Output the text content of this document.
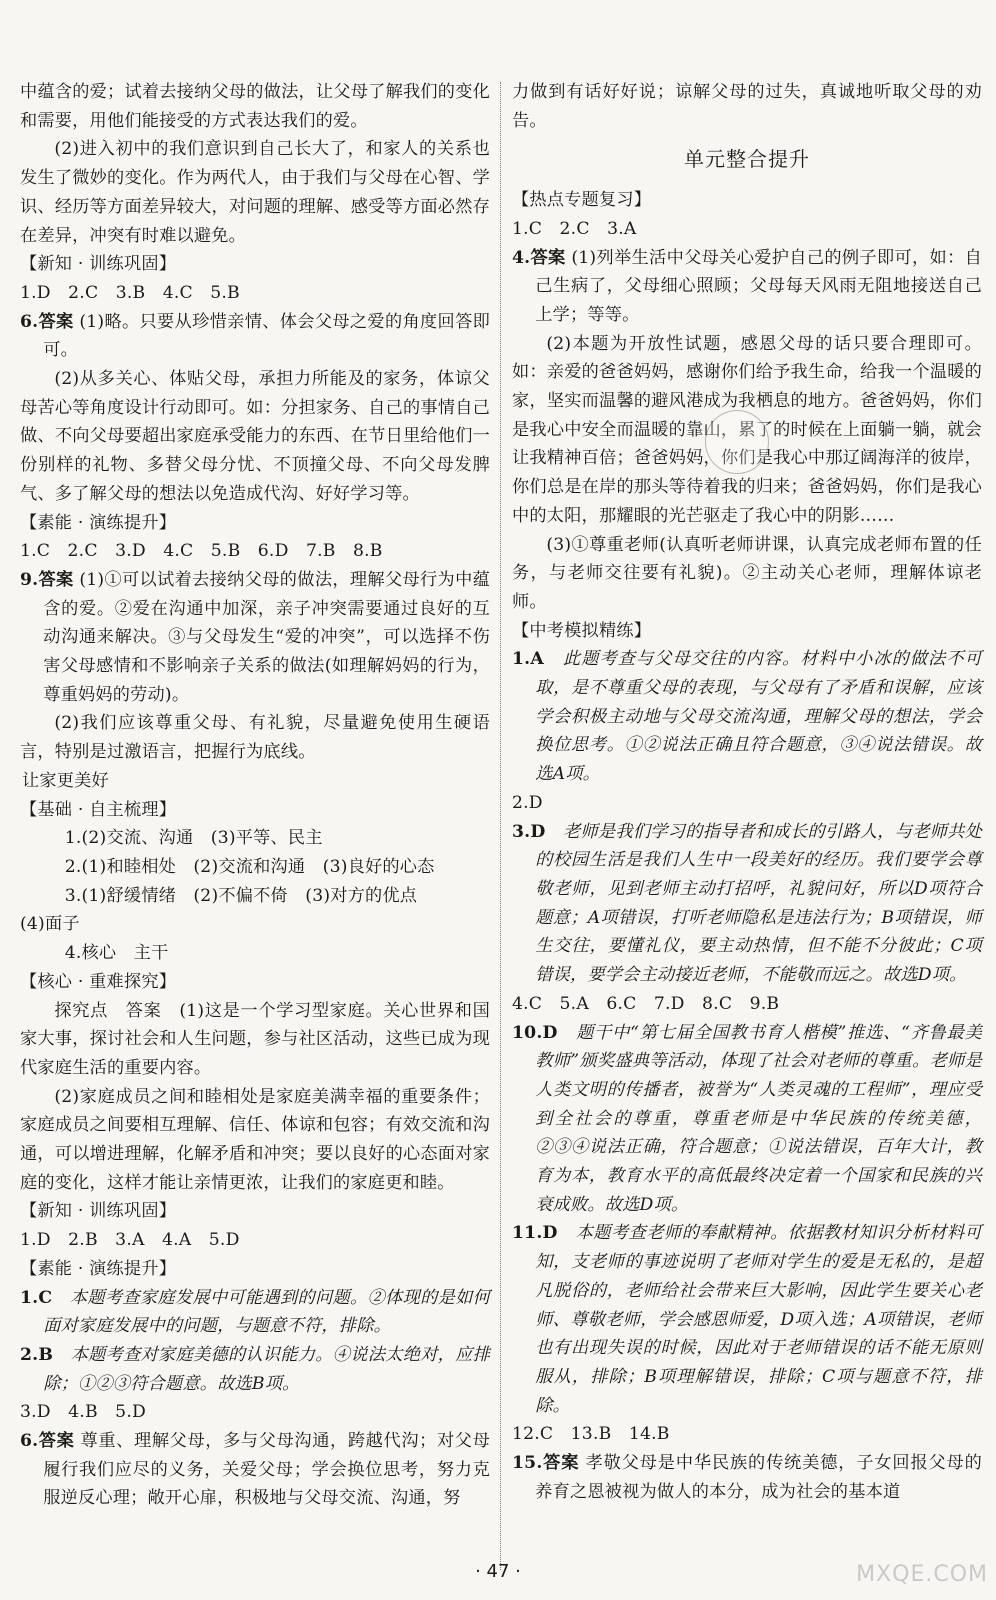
中蕴含的爱；试着去接纳父母的做法，让父母了解我们的变化和需要，用他们能接受的方式表达我们的爱。

(2)进入初中的我们意识到自己长大了，和家人的关系也发生了微妙的变化。作为两代人，由于我们与父母在心智、学识、经历等方面差异较大，对问题的理解、感受等方面必然存在差异，冲突有时难以避免。

【新知 · 训练巩固】

1.D　2.C　3.B　4.C　5.B

6.答案 (1)略。只要从珍惜亲情、体会父母之爱的角度回答即可。

(2)从多关心、体贴父母，承担力所能及的家务，体谅父母苦心等角度设计行动即可。如：分担家务、自己的事情自己做、不向父母要超出家庭承受能力的东西、在节日里给他们一份别样的礼物、多替父母分忧、不顶撞父母、不向父母发脾气、多了解父母的想法以免造成代沟、好好学习等。

【素能 · 演练提升】

1.C　2.C　3.D　4.C　5.B　6.D　7.B　8.B

9.答案 (1)①可以试着去接纳父母的做法，理解父母行为中蕴含的爱。②爱在沟通中加深，亲子冲突需要通过良好的互动沟通来解决。③与父母发生“爱的冲突”，可以选择不伤害父母感情和不影响亲子关系的做法(如理解妈妈的行为，尊重妈妈的劳动)。

(2)我们应该尊重父母、有礼貌，尽量避免使用生硬语言，特别是过激语言，把握行为底线。

让家更美好

【基础 · 自主梳理】

1.(2)交流、沟通　(3)平等、民主

2.(1)和睦相处　(2)交流和沟通　(3)良好的心态

3.(1)舒缓情绪　(2)不偏不倚　(3)对方的优点

(4)面子

4.核心　主干

【核心 · 重难探究】

探究点　答案　(1)这是一个学习型家庭。关心世界和国家大事，探讨社会和人生问题，参与社区活动，这些已成为现代家庭生活的重要内容。

(2)家庭成员之间和睦相处是家庭美满幸福的重要条件；家庭成员之间要相互理解、信任、体谅和包容；有效交流和沟通，可以增进理解，化解矛盾和冲突；要以良好的心态面对家庭的变化，这样才能让亲情更浓，让我们的家庭更和睦。

【新知 · 训练巩固】

1.D　2.B　3.A　4.A　5.D

【素能 · 演练提升】

1.C　 本题考查家庭发展中可能遇到的问题。②体现的是如何面对家庭发展中的问题，与题意不符，排除。

2.B　 本题考查对家庭美德的认识能力。④说法太绝对，应排除；①②③符合题意。故选B项。

3.D　4.B　5.D

6.答案 尊重、理解父母，多与父母沟通，跨越代沟；对父母履行我们应尽的义务，关爱父母；学会换位思考，努力克服逆反心理；敞开心扉，积极地与父母交流、沟通，努

力做到有话好好说；谅解父母的过失，真诚地听取父母的劝告。

单元整合提升

【热点专题复习】

1.C　2.C　3.A

4.答案 (1)列举生活中父母关心爱护自己的例子即可，如：自己生病了，父母细心照顾；父母每天风雨无阻地接送自己上学；等等。

(2)本题为开放性试题，感恩父母的话只要合理即可。如：亲爱的爸爸妈妈，感谢你们给予我生命，给我一个温暖的家，坚实而温馨的避风港成为我栖息的地方。爸爸妈妈，你们是我心中安全而温暖的靠山，累了的时候在上面躺一躺，就会让我精神百倍；爸爸妈妈，你们是我心中那辽阔海洋的彼岸，你们总是在岸的那头等待着我的归来；爸爸妈妈，你们是我心中的太阳，那耀眼的光芒驱走了我心中的阴影……

(3)①尊重老师(认真听老师讲课，认真完成老师布置的任务，与老师交往要有礼貌)。②主动关心老师，理解体谅老师。

【中考模拟精练】

1.A　 此题考查与父母交往的内容。材料中小冰的做法不可取，是不尊重父母的表现，与父母有了矛盾和误解，应该学会积极主动地与父母交流沟通，理解父母的想法，学会换位思考。①②说法正确且符合题意，③④说法错误。故选A项。

2.D

3.D　 老师是我们学习的指导者和成长的引路人，与老师共处的校园生活是我们人生中一段美好的经历。我们要学会尊敬老师，见到老师主动打招呼，礼貌问好，所以D项符合题意；A项错误，打听老师隐私是违法行为；B项错误，师生交往，要懂礼仪，要主动热情，但不能不分彼此；C项错误，要学会主动接近老师，不能敬而远之。故选D项。

4.C　5.A　6.C　7.D　8.C　9.B

10.D　 题干中“第七届全国教书育人楷模”推选、“齐鲁最美教师”颁奖盛典等活动，体现了社会对老师的尊重。老师是人类文明的传播者，被誉为“人类灵魂的工程师”，理应受到全社会的尊重，尊重老师是中华民族的传统美德，②③④说法正确，符合题意；①说法错误，百年大计，教育为本，教育水平的高低最终决定着一个国家和民族的兴衰成败。故选D项。

11.D　 本题考查老师的奉献精神。依据教材知识分析材料可知，支老师的事迹说明了老师对学生的爱是无私的，是超凡脱俗的，老师给社会带来巨大影响，因此学生要关心老师、尊敬老师，学会感恩师爱，D项入选；A项错误，老师也有出现失误的时候，因此对于老师错误的话不能无原则服从，排除；B项理解错误，排除；C项与题意不符，排除。

12.C　13.B　14.B

15.答案 孝敬父母是中华民族的传统美德，子女回报父母的养育之恩被视为做人的本分，成为社会的基本道

· 47 ·	MXQE.COM
